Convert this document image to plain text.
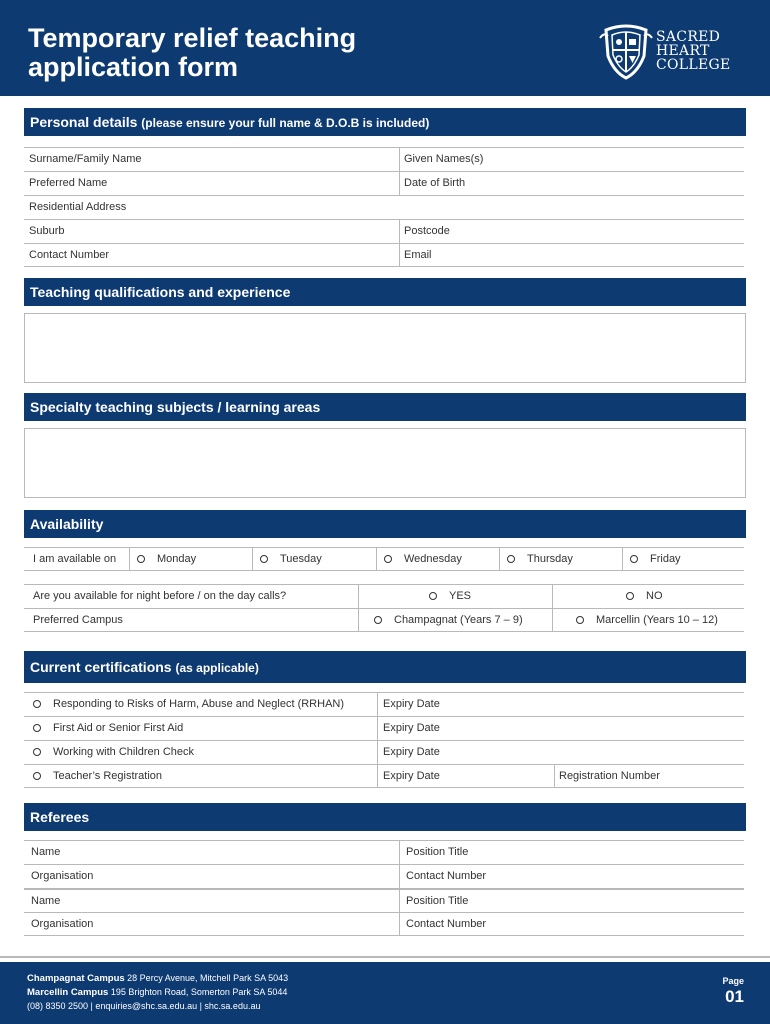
Temporary relief teaching
application form
SACRED
HEART
COLLEGE
Personal details (please ensure your full name & D.O.B is included)
Surname/Family Name	Given Names(s)
Preferred Name	Date of Birth
Residential Address
Suburb	Postcode
Contact Number	Email
Teaching qualifications and experience
Specialty teaching subjects / learning areas
Availability
I am available on	Monday	Tuesday	Wednesday	Thursday	Friday
Are you available for night before / on the day calls?	YES	NO
Preferred Campus	Champagnat (Years 7 – 9)	Marcellin (Years 10 – 12)
Current certifications (as applicable)
Responding to Risks of Harm, Abuse and Neglect (RRHAN)	Expiry Date
First Aid or Senior First Aid	Expiry Date
Working with Children Check	Expiry Date
Teacher’s Registration	Expiry Date	Registration Number
Referees
Name	Position Title
Organisation	Contact Number
Name	Position Title
Organisation	Contact Number
Champagnat Campus 28 Percy Avenue, Mitchell Park SA 5043
Marcellin Campus 195 Brighton Road, Somerton Park SA 5044
(08) 8350 2500 | enquiries@shc.sa.edu.au | shc.sa.edu.au
Page
01
